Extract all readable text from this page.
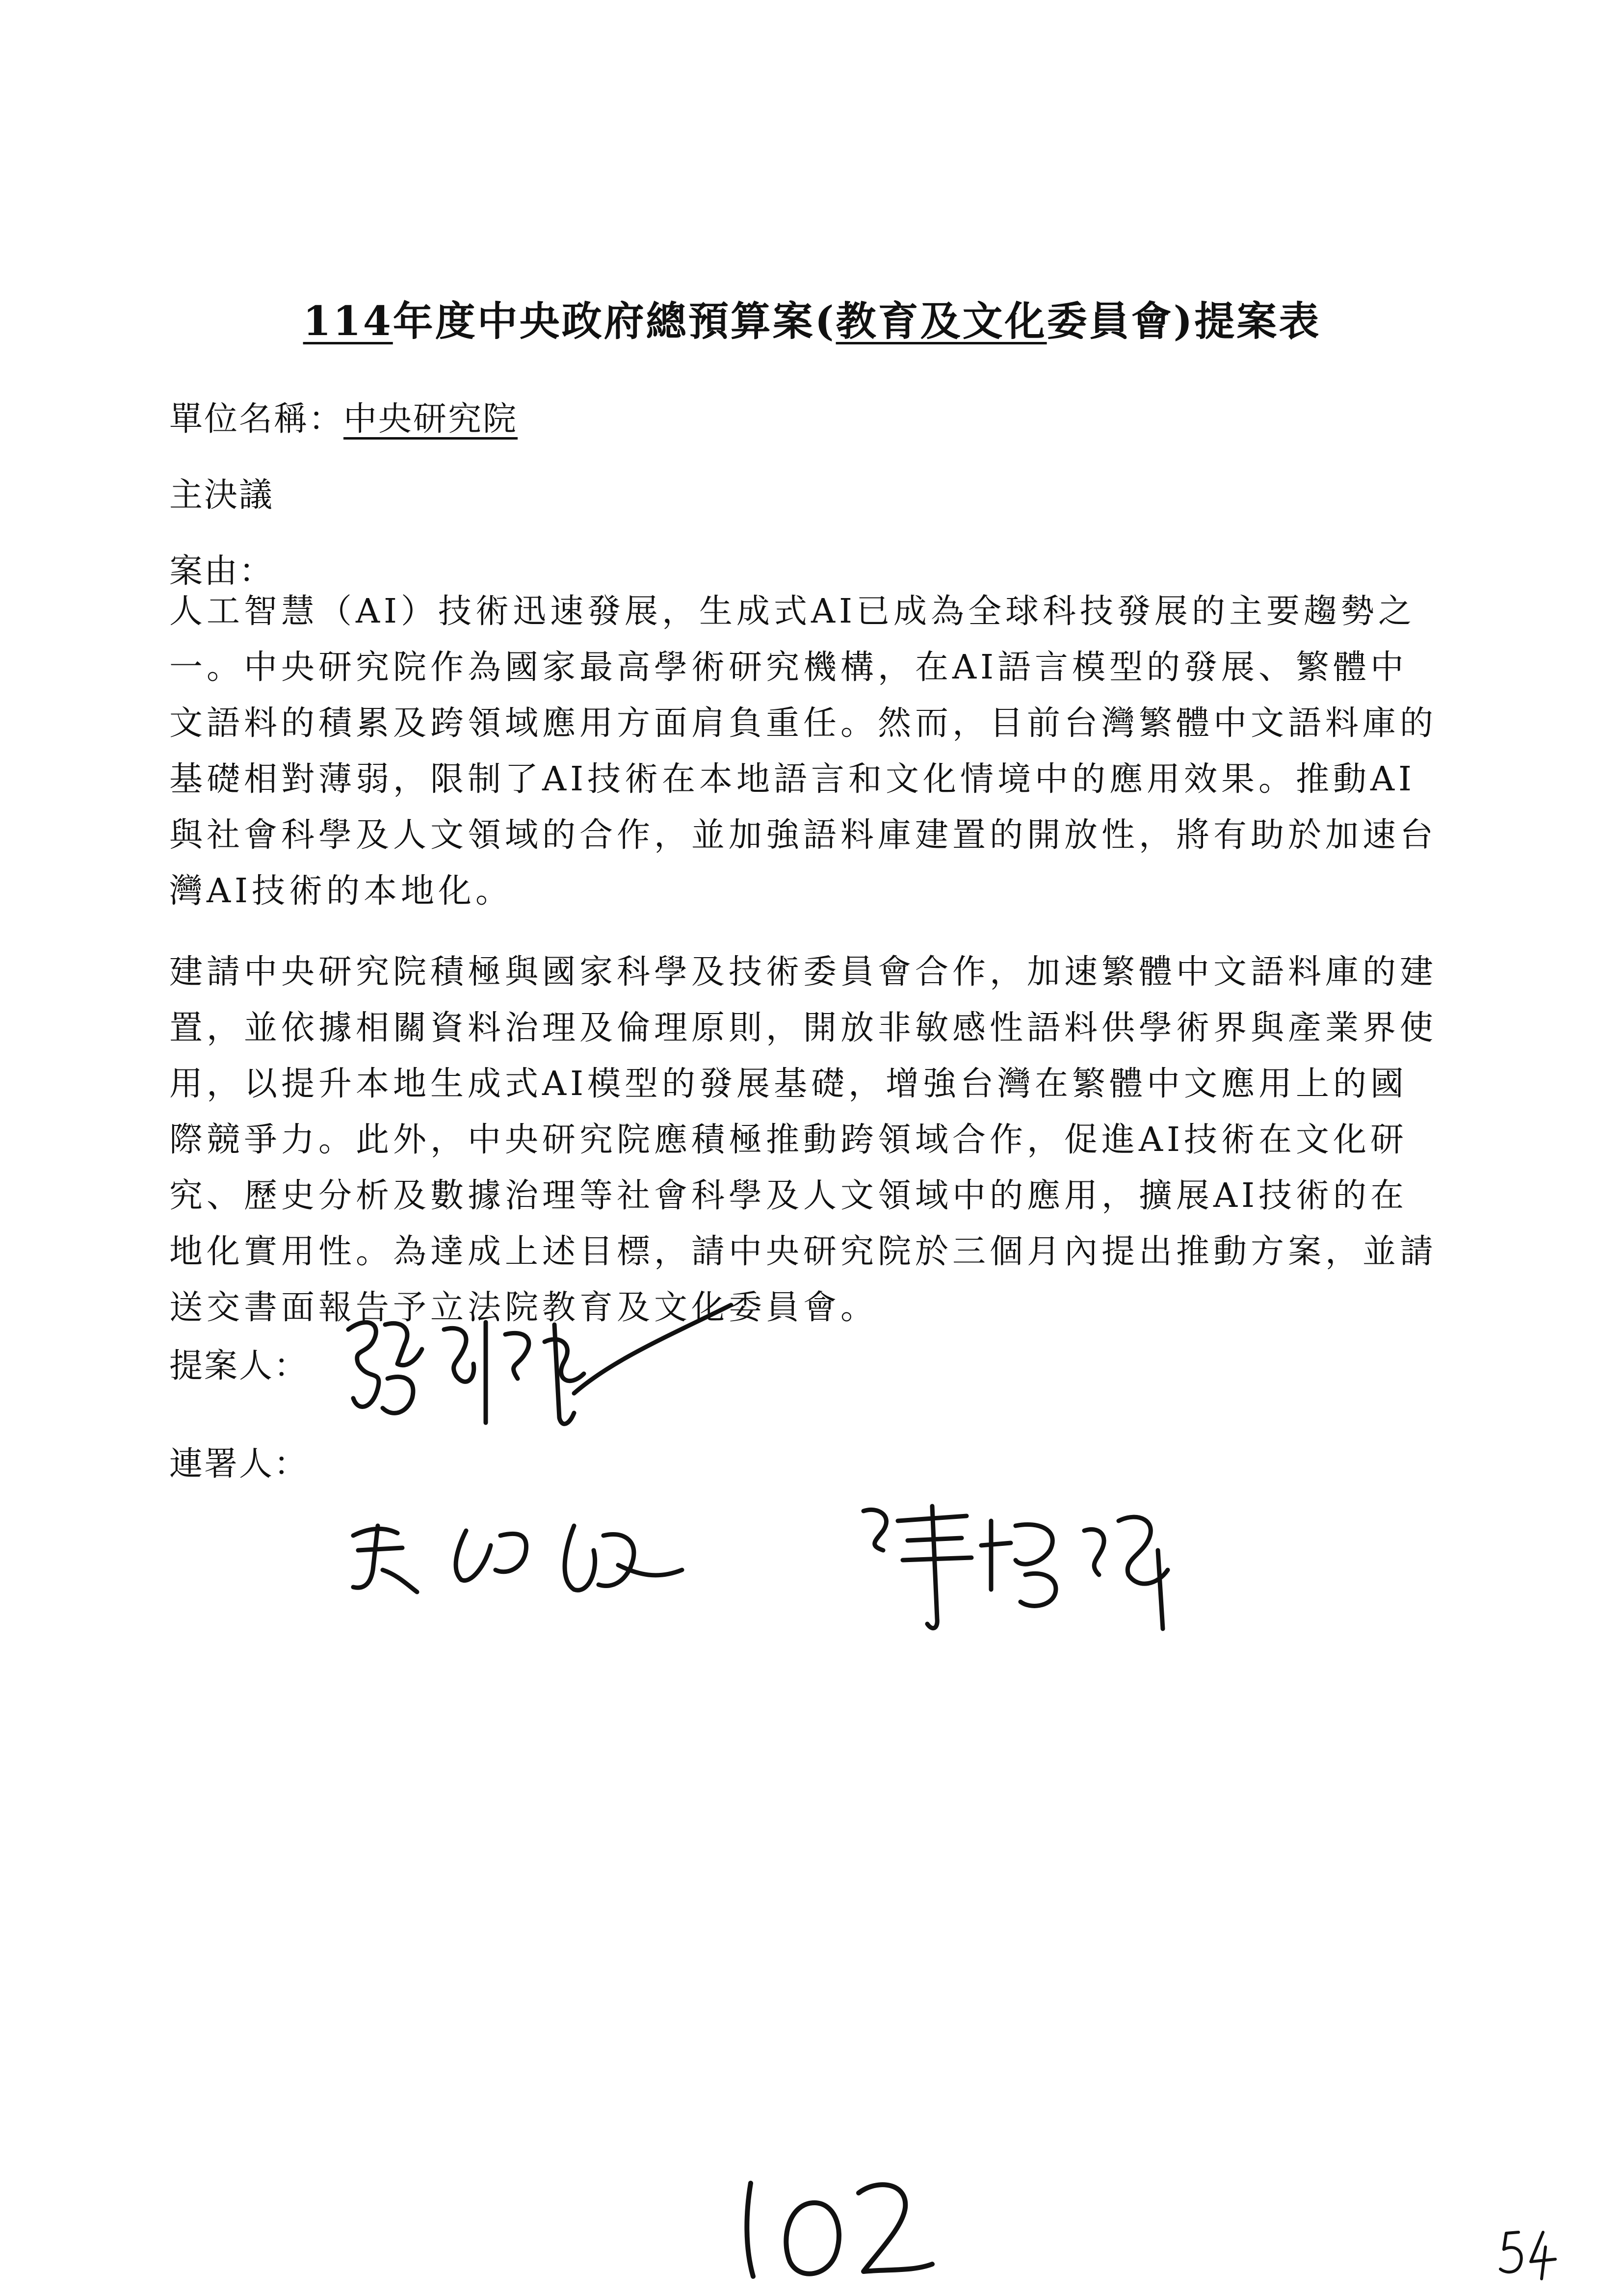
114年度中央政府總預算案(教育及文化委員會)提案表
單位名稱：中央研究院
主決議
案由：
人工智慧（AI）技術迅速發展，生成式AI已成為全球科技發展的主要趨勢之
一。中央研究院作為國家最高學術研究機構，在AI語言模型的發展、繁體中
文語料的積累及跨領域應用方面肩負重任。然而，目前台灣繁體中文語料庫的
基礎相對薄弱，限制了AI技術在本地語言和文化情境中的應用效果。推動AI
與社會科學及人文領域的合作，並加強語料庫建置的開放性，將有助於加速台
灣AI技術的本地化。
建請中央研究院積極與國家科學及技術委員會合作，加速繁體中文語料庫的建
置，並依據相關資料治理及倫理原則，開放非敏感性語料供學術界與產業界使
用，以提升本地生成式AI模型的發展基礎，增強台灣在繁體中文應用上的國
際競爭力。此外，中央研究院應積極推動跨領域合作，促進AI技術在文化研
究、歷史分析及數據治理等社會科學及人文領域中的應用，擴展AI技術的在
地化實用性。為達成上述目標，請中央研究院於三個月內提出推動方案，並請
送交書面報告予立法院教育及文化委員會。
提案人：
連署人：
